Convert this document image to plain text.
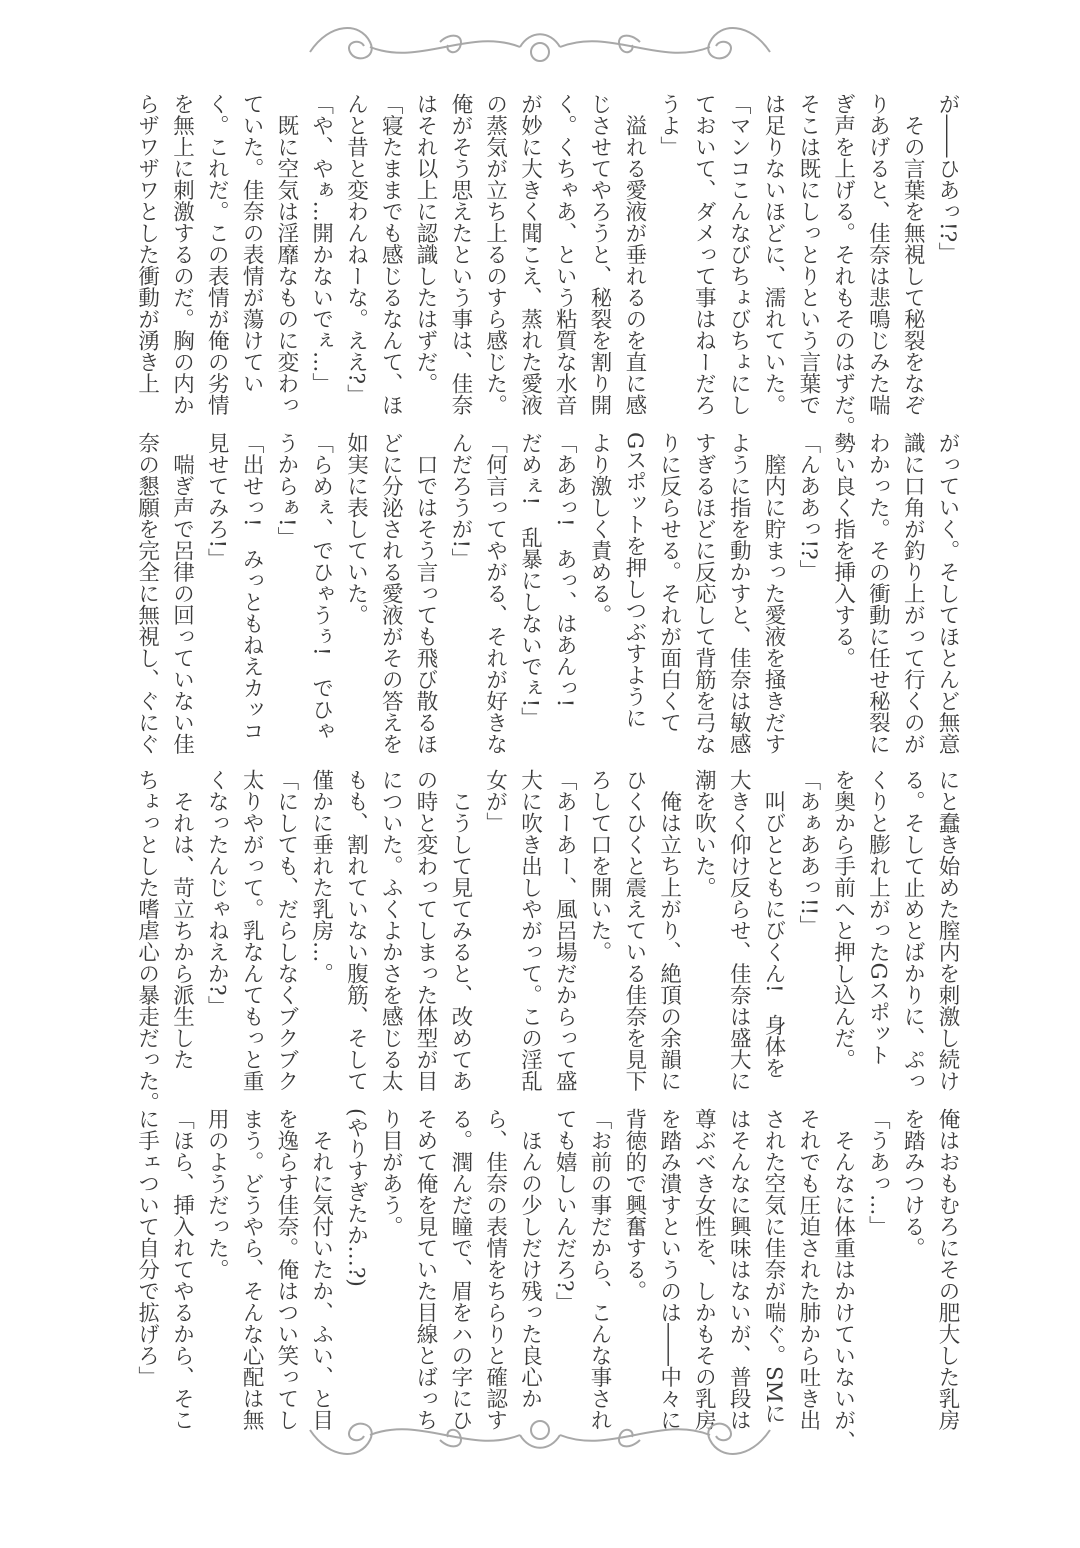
が――ひあっ!?」
　その言葉を無視して秘裂をなぞ
りあげると、佳奈は悲鳴じみた喘
ぎ声を上げる。それもそのはずだ。
そこは既にしっとりという言葉で
は足りないほどに、濡れていた。
「マンコこんなびちょびちょにし
ておいて、ダメって事はねーだろ
うよ」
　溢れる愛液が垂れるのを直に感
じさせてやろうと、秘裂を割り開
く。くちゃあ、という粘質な水音
が妙に大きく聞こえ、蒸れた愛液
の蒸気が立ち上るのすら感じた。
俺がそう思えたという事は、佳奈
はそれ以上に認識したはずだ。
「寝たままでも感じるなんて、ほ
んと昔と変わんねーな。ええ?」
「や、やぁ…開かないでぇ…」
　既に空気は淫靡なものに変わっ
ていた。佳奈の表情が蕩けてい
く。これだ。この表情が俺の劣情
を無上に刺激するのだ。胸の内か
らザワザワとした衝動が湧き上
がっていく。そしてほとんど無意
識に口角が釣り上がって行くのが
わかった。その衝動に任せ秘裂に
勢い良く指を挿入する。
「んああっ!?」
　膣内に貯まった愛液を掻きだす
ように指を動かすと、佳奈は敏感
すぎるほどに反応して背筋を弓な
りに反らせる。それが面白くて
Gスポットを押しつぶすように
より激しく責める。
「ああっ!　あっ、はあんっ!
だめぇ!　乱暴にしないでぇ!」
「何言ってやがる、それが好きな
んだろうが!」
　口ではそう言っても飛び散るほ
どに分泌される愛液がその答えを
如実に表していた。
「らめぇ、でひゃうぅ!　でひゃ
うからぁ!」
「出せっ!　みっともねえカッコ
見せてみろ!」
　喘ぎ声で呂律の回っていない佳
奈の懇願を完全に無視し、ぐにぐ
にと蠢き始めた膣内を刺激し続け
る。そして止めとばかりに、ぷっ
くりと膨れ上がったGスポット
を奥から手前へと押し込んだ。
「あぁああっ!!」
　叫びとともにびくん!　身体を
大きく仰け反らせ、佳奈は盛大に
潮を吹いた。
　俺は立ち上がり、絶頂の余韻に
ひくひくと震えている佳奈を見下
ろして口を開いた。
「あーあー、風呂場だからって盛
大に吹き出しやがって。この淫乱
女が」
　こうして見てみると、改めてあ
の時と変わってしまった体型が目
についた。ふくよかさを感じる太
もも、割れていない腹筋、そして
僅かに垂れた乳房…。
「にしても、だらしなくブクブク
太りやがって。乳なんてもっと重
くなったんじゃねえか?」
　それは、苛立ちから派生した
ちょっとした嗜虐心の暴走だった。
俺はおもむろにその肥大した乳房
を踏みつける。
「うあっ…」
　そんなに体重はかけていないが、
それでも圧迫された肺から吐き出
された空気に佳奈が喘ぐ。SMに
はそんなに興味はないが、普段は
尊ぶべき女性を、しかもその乳房
を踏み潰すというのは――中々に
背徳的で興奮する。
「お前の事だから、こんな事され
ても嬉しいんだろ?」
　ほんの少しだけ残った良心か
ら、佳奈の表情をちらりと確認す
る。潤んだ瞳で、眉をハの字にひ
そめて俺を見ていた目線とばっち
り目があう。
(やりすぎたか…?)
　それに気付いたか、ふい、と目
を逸らす佳奈。俺はつい笑ってし
まう。どうやら、そんな心配は無
用のようだった。
「ほら、挿入れてやるから、そこ
に手ェついて自分で拡げろ」
